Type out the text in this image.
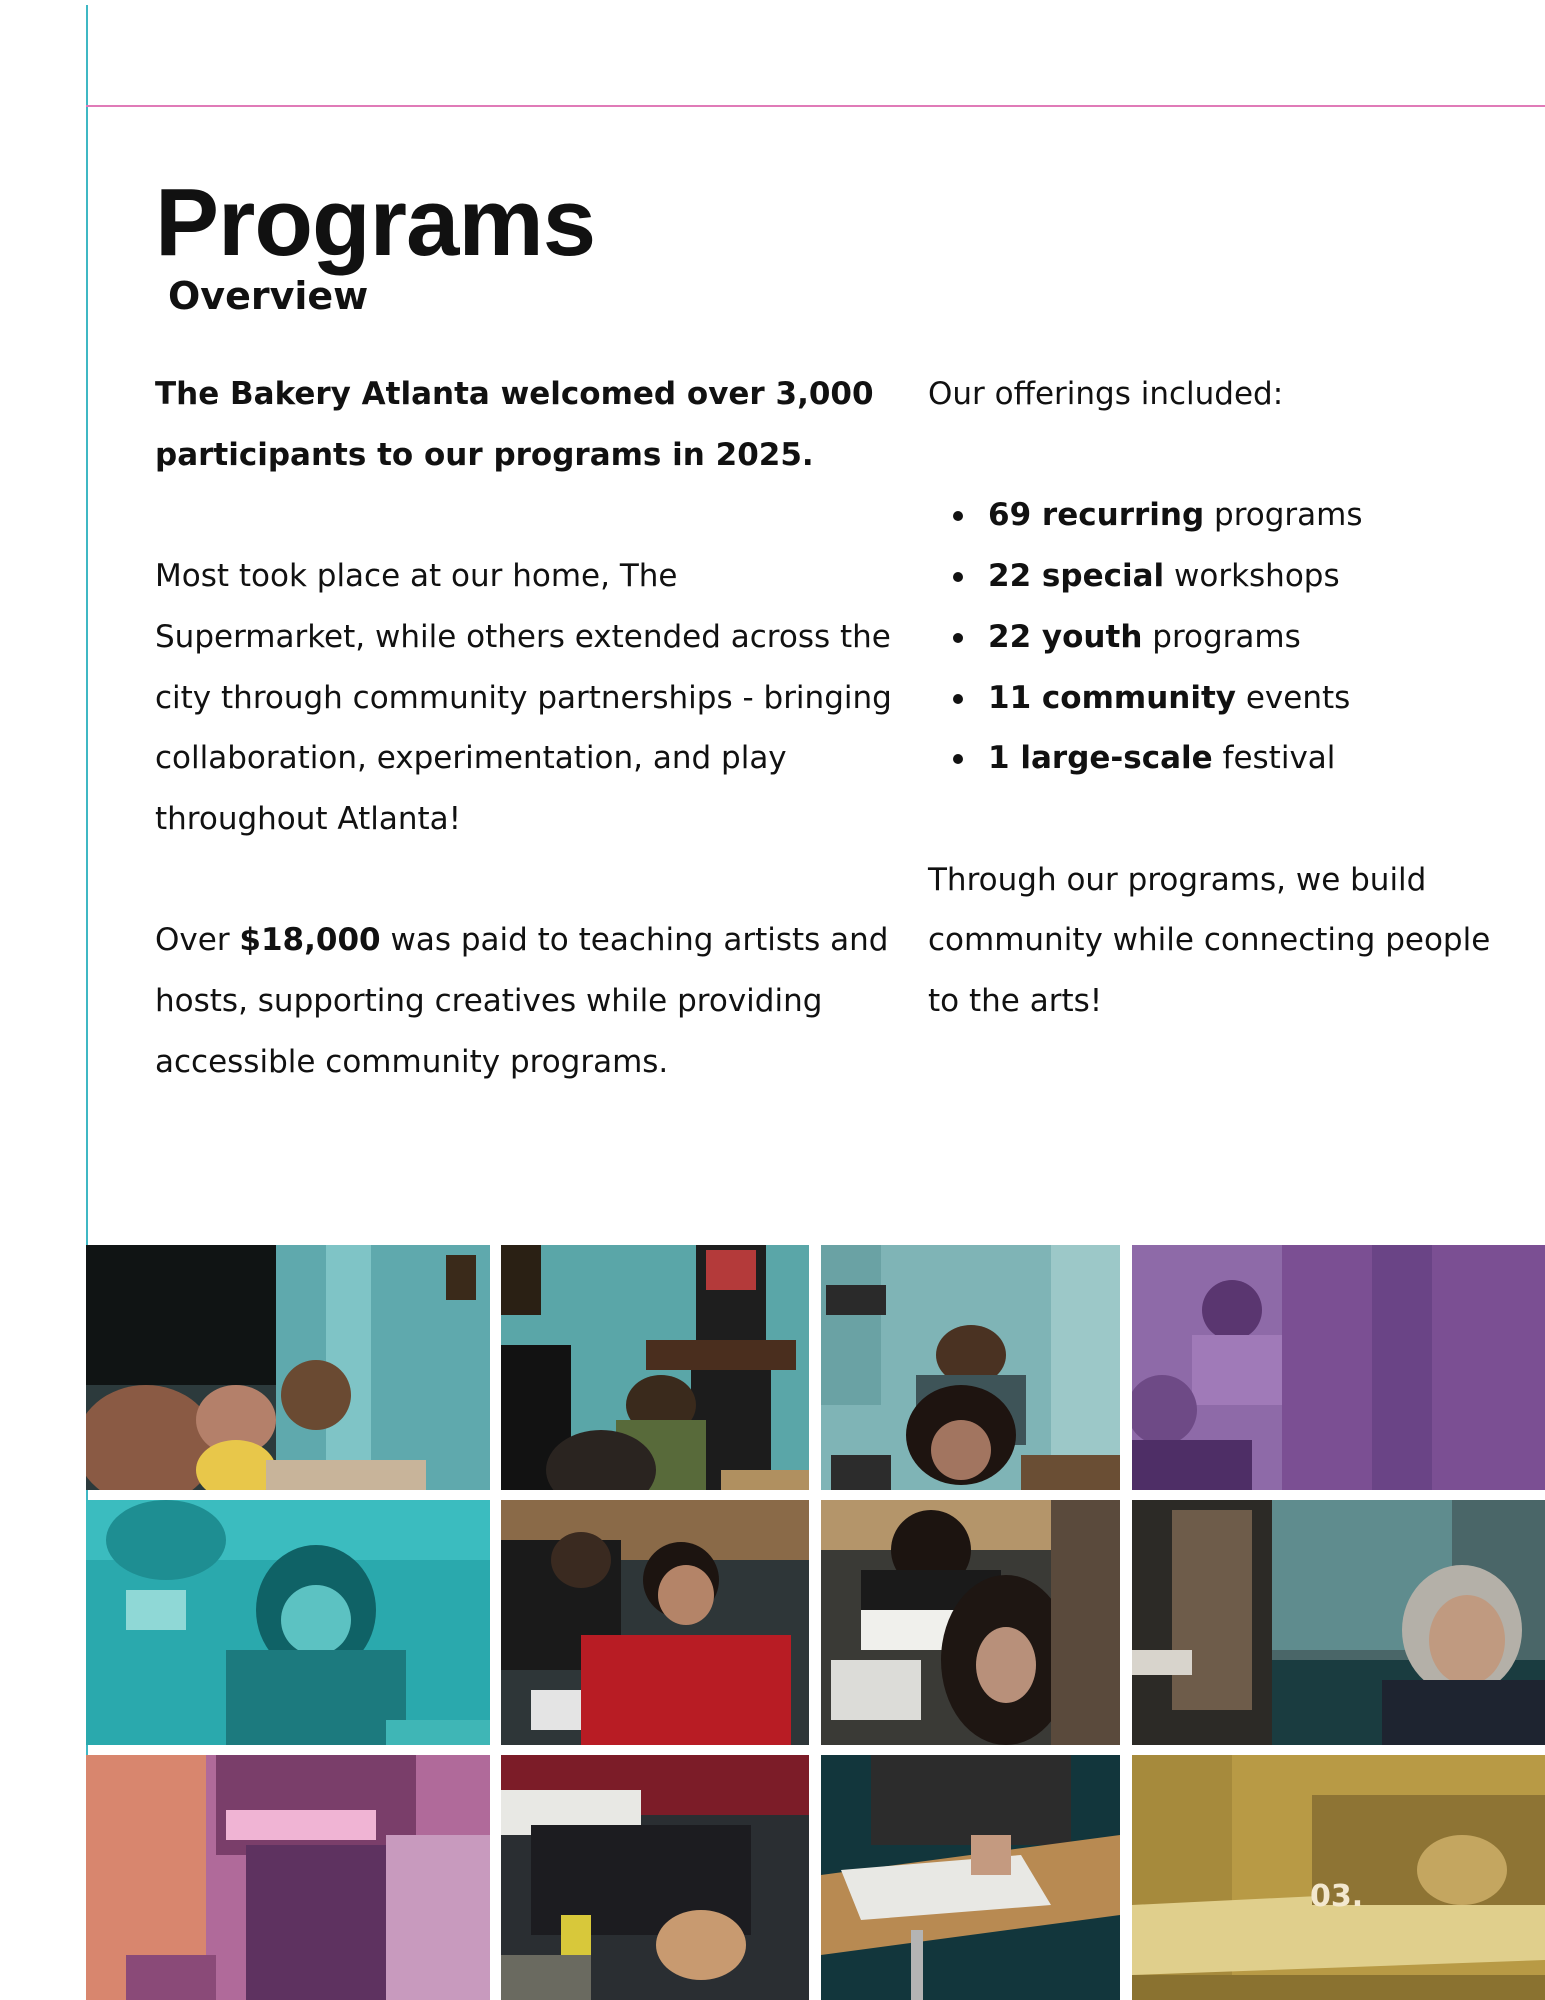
Programs
Overview

The Bakery Atlanta welcomed over 3,000 participants to our programs in 2025.

Most took place at our home, The Supermarket, while others extended across the city through community partnerships - bringing collaboration, experimentation, and play throughout Atlanta!

Over $18,000 was paid to teaching artists and hosts, supporting creatives while providing accessible community programs.

Our offerings included:

69 recurring programs
22 special workshops
22 youth programs
11 community events
1 large-scale festival

Through our programs, we build community while connecting people to the arts!

03.
